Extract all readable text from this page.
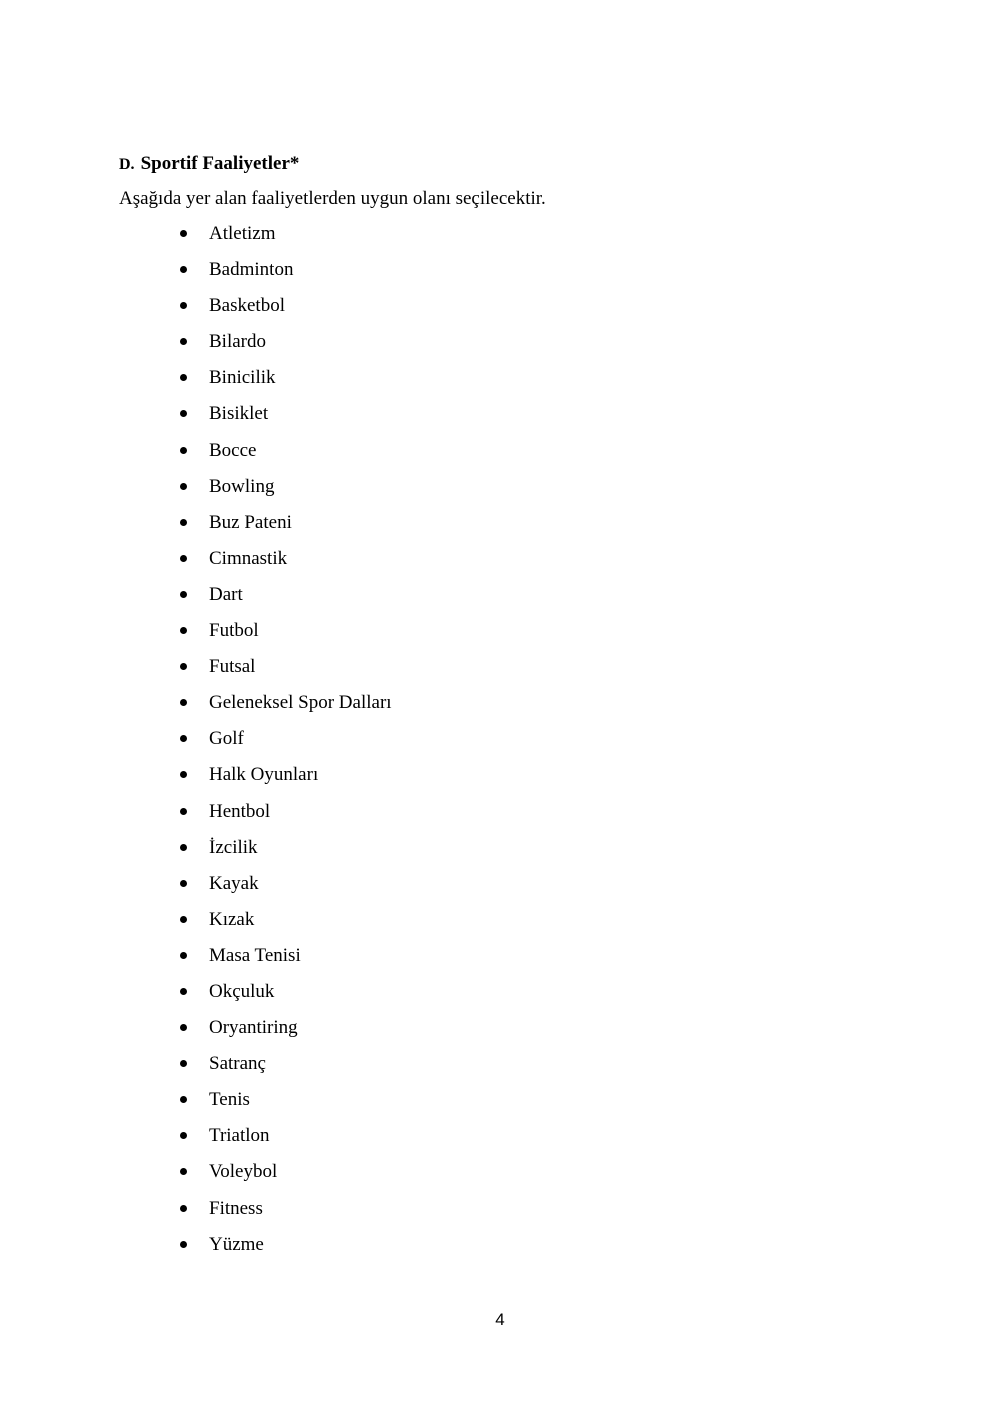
D. Sportif Faaliyetler*
Aşağıda yer alan faaliyetlerden uygun olanı seçilecektir.
Atletizm
Badminton
Basketbol
Bilardo
Binicilik
Bisiklet
Bocce
Bowling
Buz Pateni
Cimnastik
Dart
Futbol
Futsal
Geleneksel Spor Dalları
Golf
Halk Oyunları
Hentbol
İzcilik
Kayak
Kızak
Masa Tenisi
Okçuluk
Oryantiring
Satranç
Tenis
Triatlon
Voleybol
Fitness
Yüzme
4
